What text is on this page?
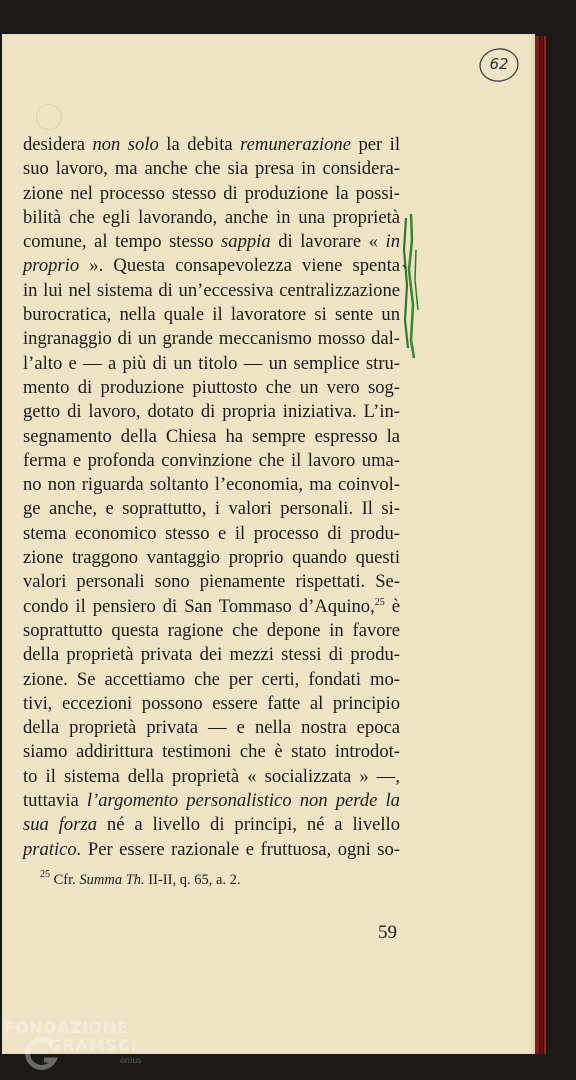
62
desidera non solo la debita remunerazione per il
suo lavoro, ma anche che sia presa in considera-
zione nel processo stesso di produzione la possi-
bilità che egli lavorando, anche in una proprietà
comune, al tempo stesso sappia di lavorare « in
proprio ». Questa consapevolezza viene spenta
in lui nel sistema di un’eccessiva centralizzazione
burocratica, nella quale il lavoratore si sente un
ingranaggio di un grande meccanismo mosso dal-
l’alto e — a più di un titolo — un semplice stru-
mento di produzione piuttosto che un vero sog-
getto di lavoro, dotato di propria iniziativa. L’in-
segnamento della Chiesa ha sempre espresso la
ferma e profonda convinzione che il lavoro uma-
no non riguarda soltanto l’economia, ma coinvol-
ge anche, e soprattutto, i valori personali. Il si-
stema economico stesso e il processo di produ-
zione traggono vantaggio proprio quando questi
valori personali sono pienamente rispettati. Se-
condo il pensiero di San Tommaso d’Aquino,$^{25}$ è
soprattutto questa ragione che depone in favore
della proprietà privata dei mezzi stessi di produ-
zione. Se accettiamo che per certi, fondati mo-
tivi, eccezioni possono essere fatte al principio
della proprietà privata — e nella nostra epoca
siamo addirittura testimoni che è stato introdot-
to il sistema della proprietà « socializzata » —,
tuttavia l’argomento personalistico non perde la
sua forza né a livello di principi, né a livello
pratico. Per essere razionale e fruttuosa, ogni so-
$^{25}$ Cfr. Summa Th. II-II, q. 65, a. 2.
59
FONDAZIONE
GRAMSCI
onlus
